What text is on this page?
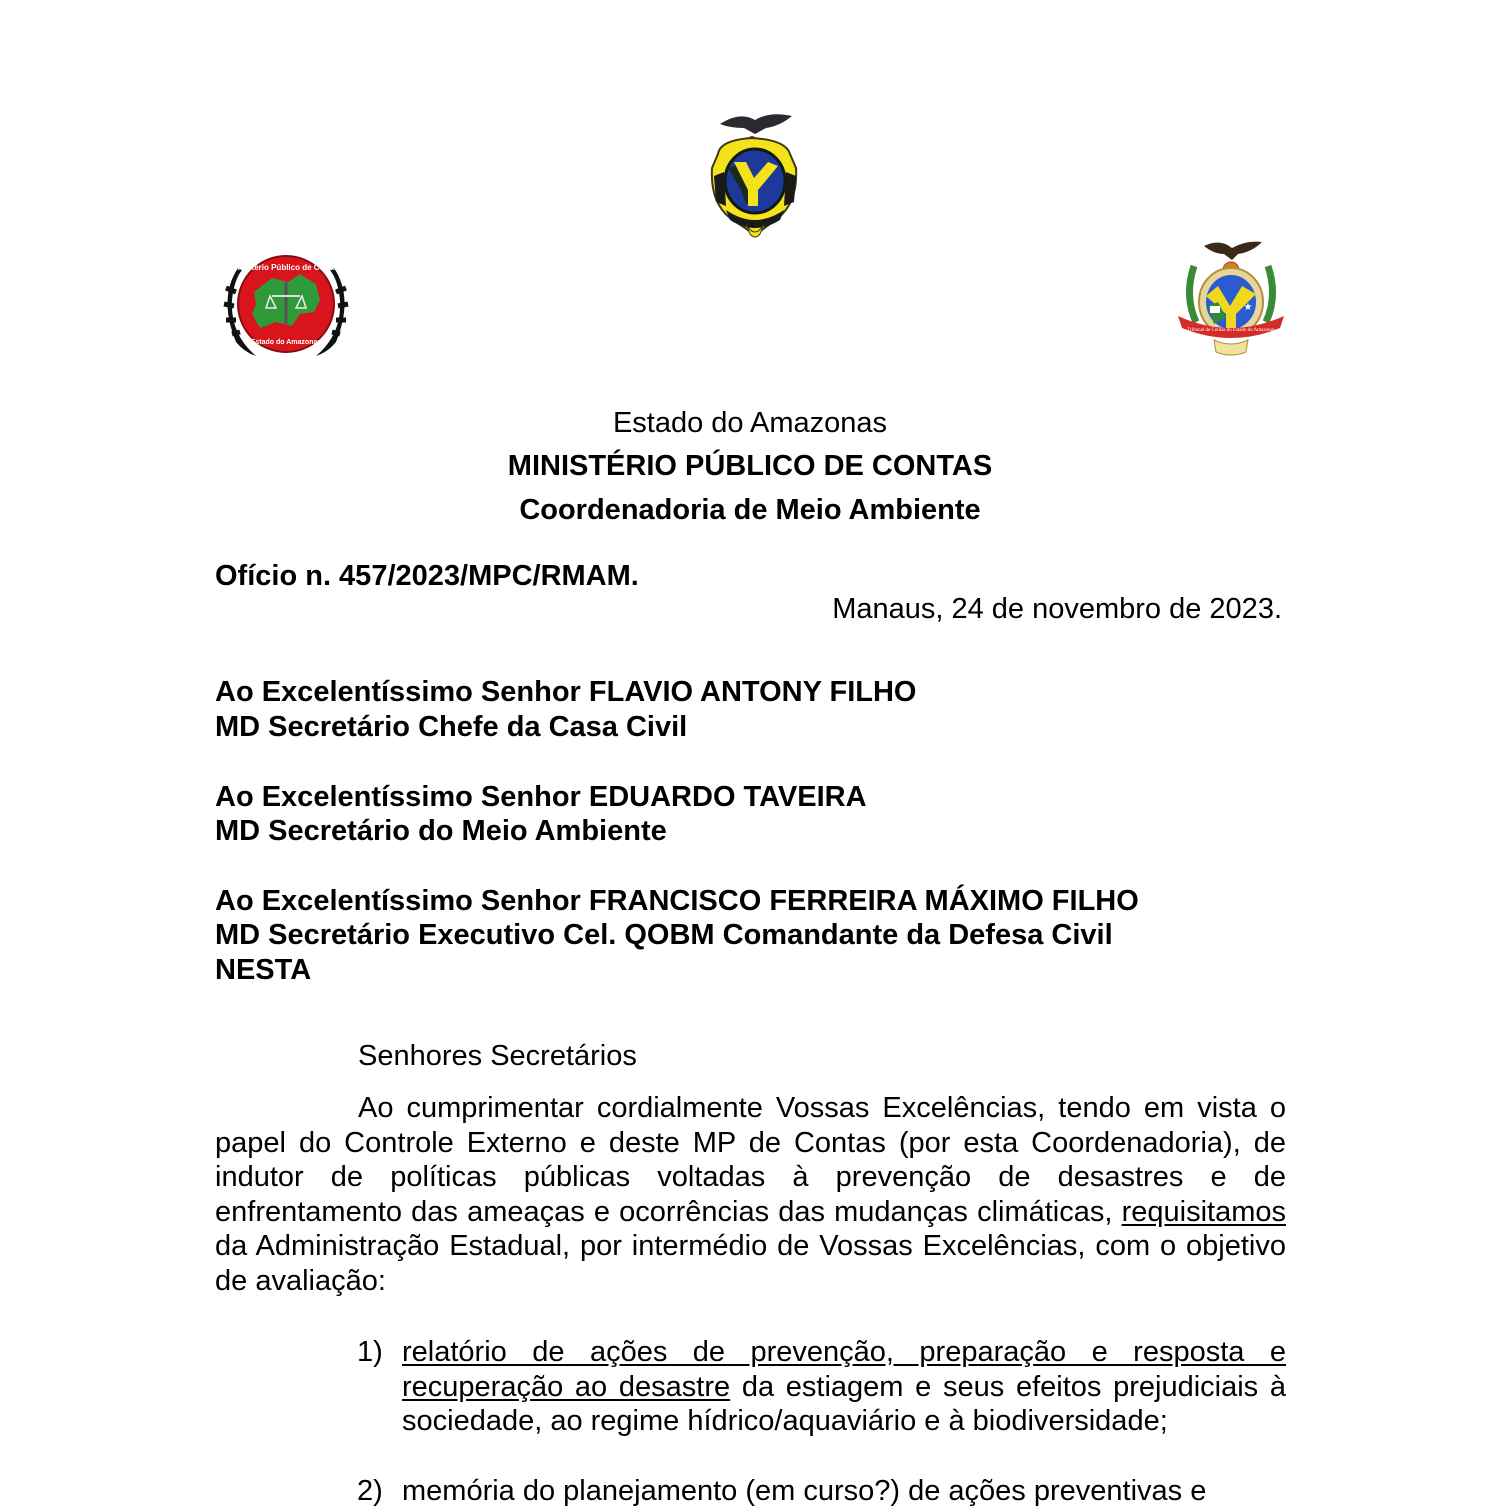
Ministério Público de Contas
Estado do Amazonas
★
Tribunal de Contas do Estado do Amazonas
Estado do Amazonas
MINISTÉRIO PÚBLICO DE CONTAS
Coordenadoria de Meio Ambiente
Ofício n. 457/2023/MPC/RMAM.
Manaus, 24 de novembro de 2023.
Ao Excelentíssimo Senhor FLAVIO ANTONY FILHO
MD Secretário Chefe da Casa Civil
Ao Excelentíssimo Senhor EDUARDO TAVEIRA
MD Secretário do Meio Ambiente
Ao Excelentíssimo Senhor FRANCISCO FERREIRA MÁXIMO FILHO
MD Secretário Executivo Cel. QOBM Comandante da Defesa Civil
NESTA
Senhores Secretários
Ao cumprimentar cordialmente Vossas Excelências, tendo em vista o papel do Controle Externo e deste MP de Contas (por esta Coordenadoria), de indutor de políticas públicas voltadas à prevenção de desastres e de enfrentamento das ameaças e ocorrências das mudanças climáticas, requisitamos da Administração Estadual, por intermédio de Vossas Excelências, com o objetivo de avaliação:
1) relatório de ações de prevenção, preparação e resposta e recuperação ao desastre da estiagem e seus efeitos prejudiciais à sociedade, ao regime hídrico/aquaviário e à biodiversidade;
2) memória do planejamento (em curso?) de ações preventivas e
